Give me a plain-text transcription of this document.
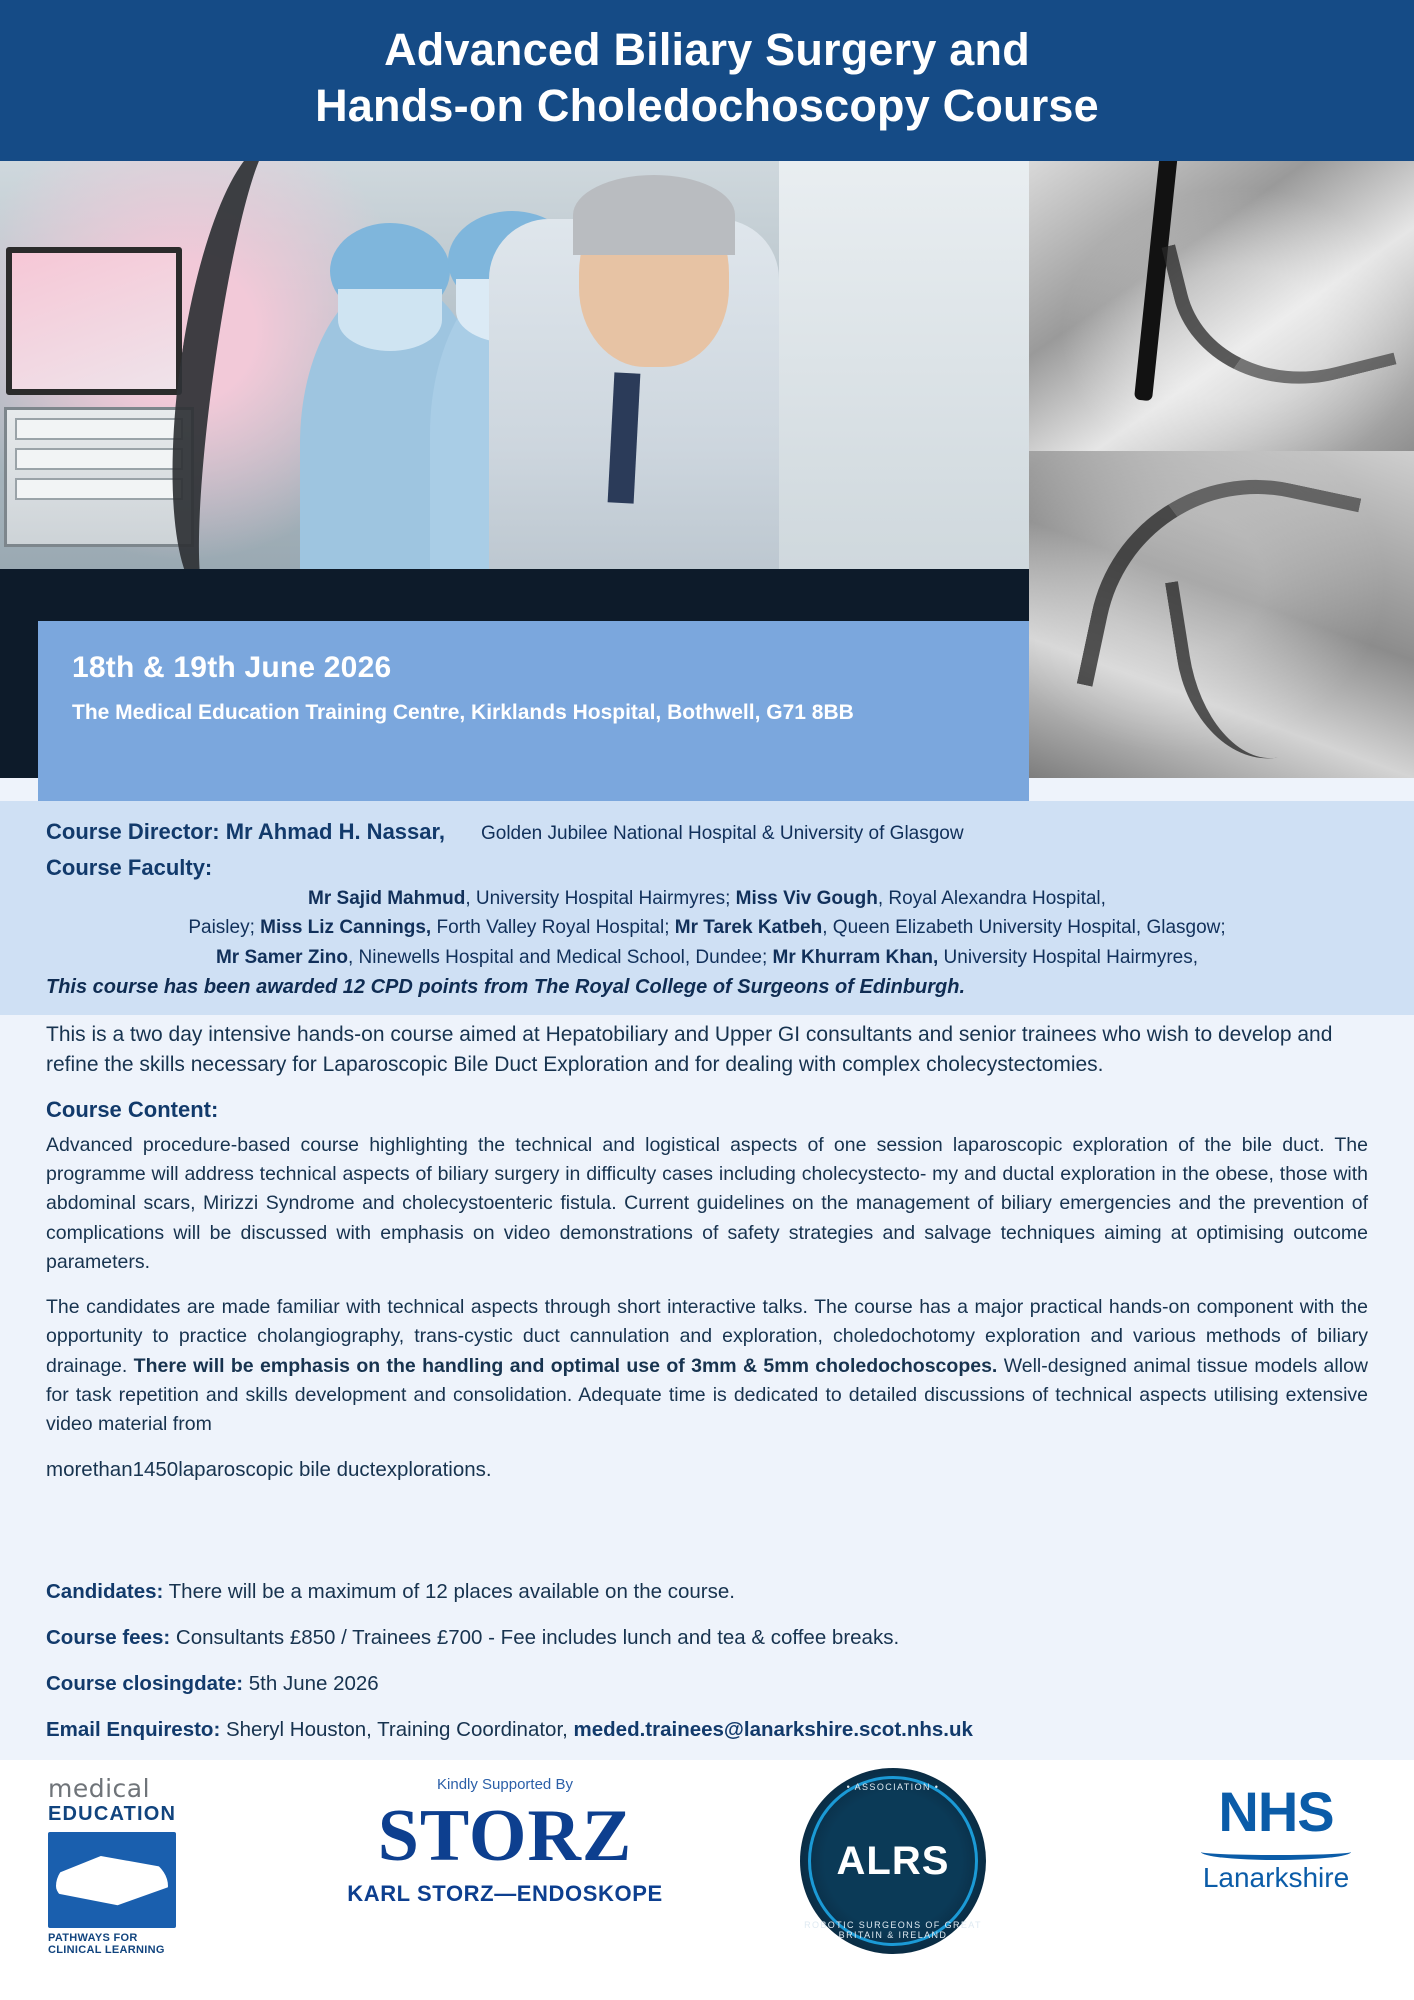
Advanced Biliary Surgery and
Hands-on Choledochoscopy Course
18th & 19th June 2026
The Medical Education Training Centre, Kirklands Hospital, Bothwell, G71 8BB
Course Director: Mr Ahmad H. Nassar, Golden Jubilee National Hospital & University of Glasgow
Course Faculty:
Mr Sajid Mahmud, University Hospital Hairmyres; Miss Viv Gough, Royal Alexandra Hospital,
Paisley; Miss Liz Cannings, Forth Valley Royal Hospital; Mr Tarek Katbeh, Queen Elizabeth University Hospital, Glasgow;
Mr Samer Zino, Ninewells Hospital and Medical School, Dundee; Mr Khurram Khan, University Hospital Hairmyres,
This course has been awarded 12 CPD points from The Royal College of Surgeons of Edinburgh.

This is a two day intensive hands-on course aimed at Hepatobiliary and Upper GI consultants and senior trainees who wish to develop and refine the skills necessary for Laparoscopic Bile Duct Exploration and for dealing with complex cholecystectomies.

Course Content:

Advanced procedure-based course highlighting the technical and logistical aspects of one session laparoscopic exploration of the bile duct. The programme will address technical aspects of biliary surgery in difficulty cases including cholecystecto- my and ductal exploration in the obese, those with abdominal scars, Mirizzi Syndrome and cholecystoenteric fistula. Current guidelines on the management of biliary emergencies and the prevention of complications will be discussed with emphasis on video demonstrations of safety strategies and salvage techniques aiming at optimising outcome parameters.

The candidates are made familiar with technical aspects through short interactive talks. The course has a major practical hands-on component with the opportunity to practice cholangiography, trans-cystic duct cannulation and exploration, choledochotomy exploration and various methods of biliary drainage. There will be emphasis on the handling and optimal use of 3mm & 5mm choledochoscopes. Well-designed animal tissue models allow for task repetition and skills development and consolidation. Adequate time is dedicated to detailed discussions of technical aspects utilising extensive video material from

morethan1450laparoscopic bile ductexplorations.

Candidates: There will be a maximum of 12 places available on the course.
Course fees: Consultants £850 / Trainees £700 - Fee includes lunch and tea & coffee breaks.
Course closingdate: 5th June 2026
Email Enquiresto: Sheryl Houston, Training Coordinator, meded.trainees@lanarkshire.scot.nhs.uk
medical
EDUCATION
PATHWAYS FOR
CLINICAL LEARNING
Kindly Supported By
STORZ
KARL STORZ—ENDOSKOPE
• ASSOCIATION •
ALRS
ROBOTIC SURGEONS OF GREAT BRITAIN & IRELAND
NHS
Lanarkshire
